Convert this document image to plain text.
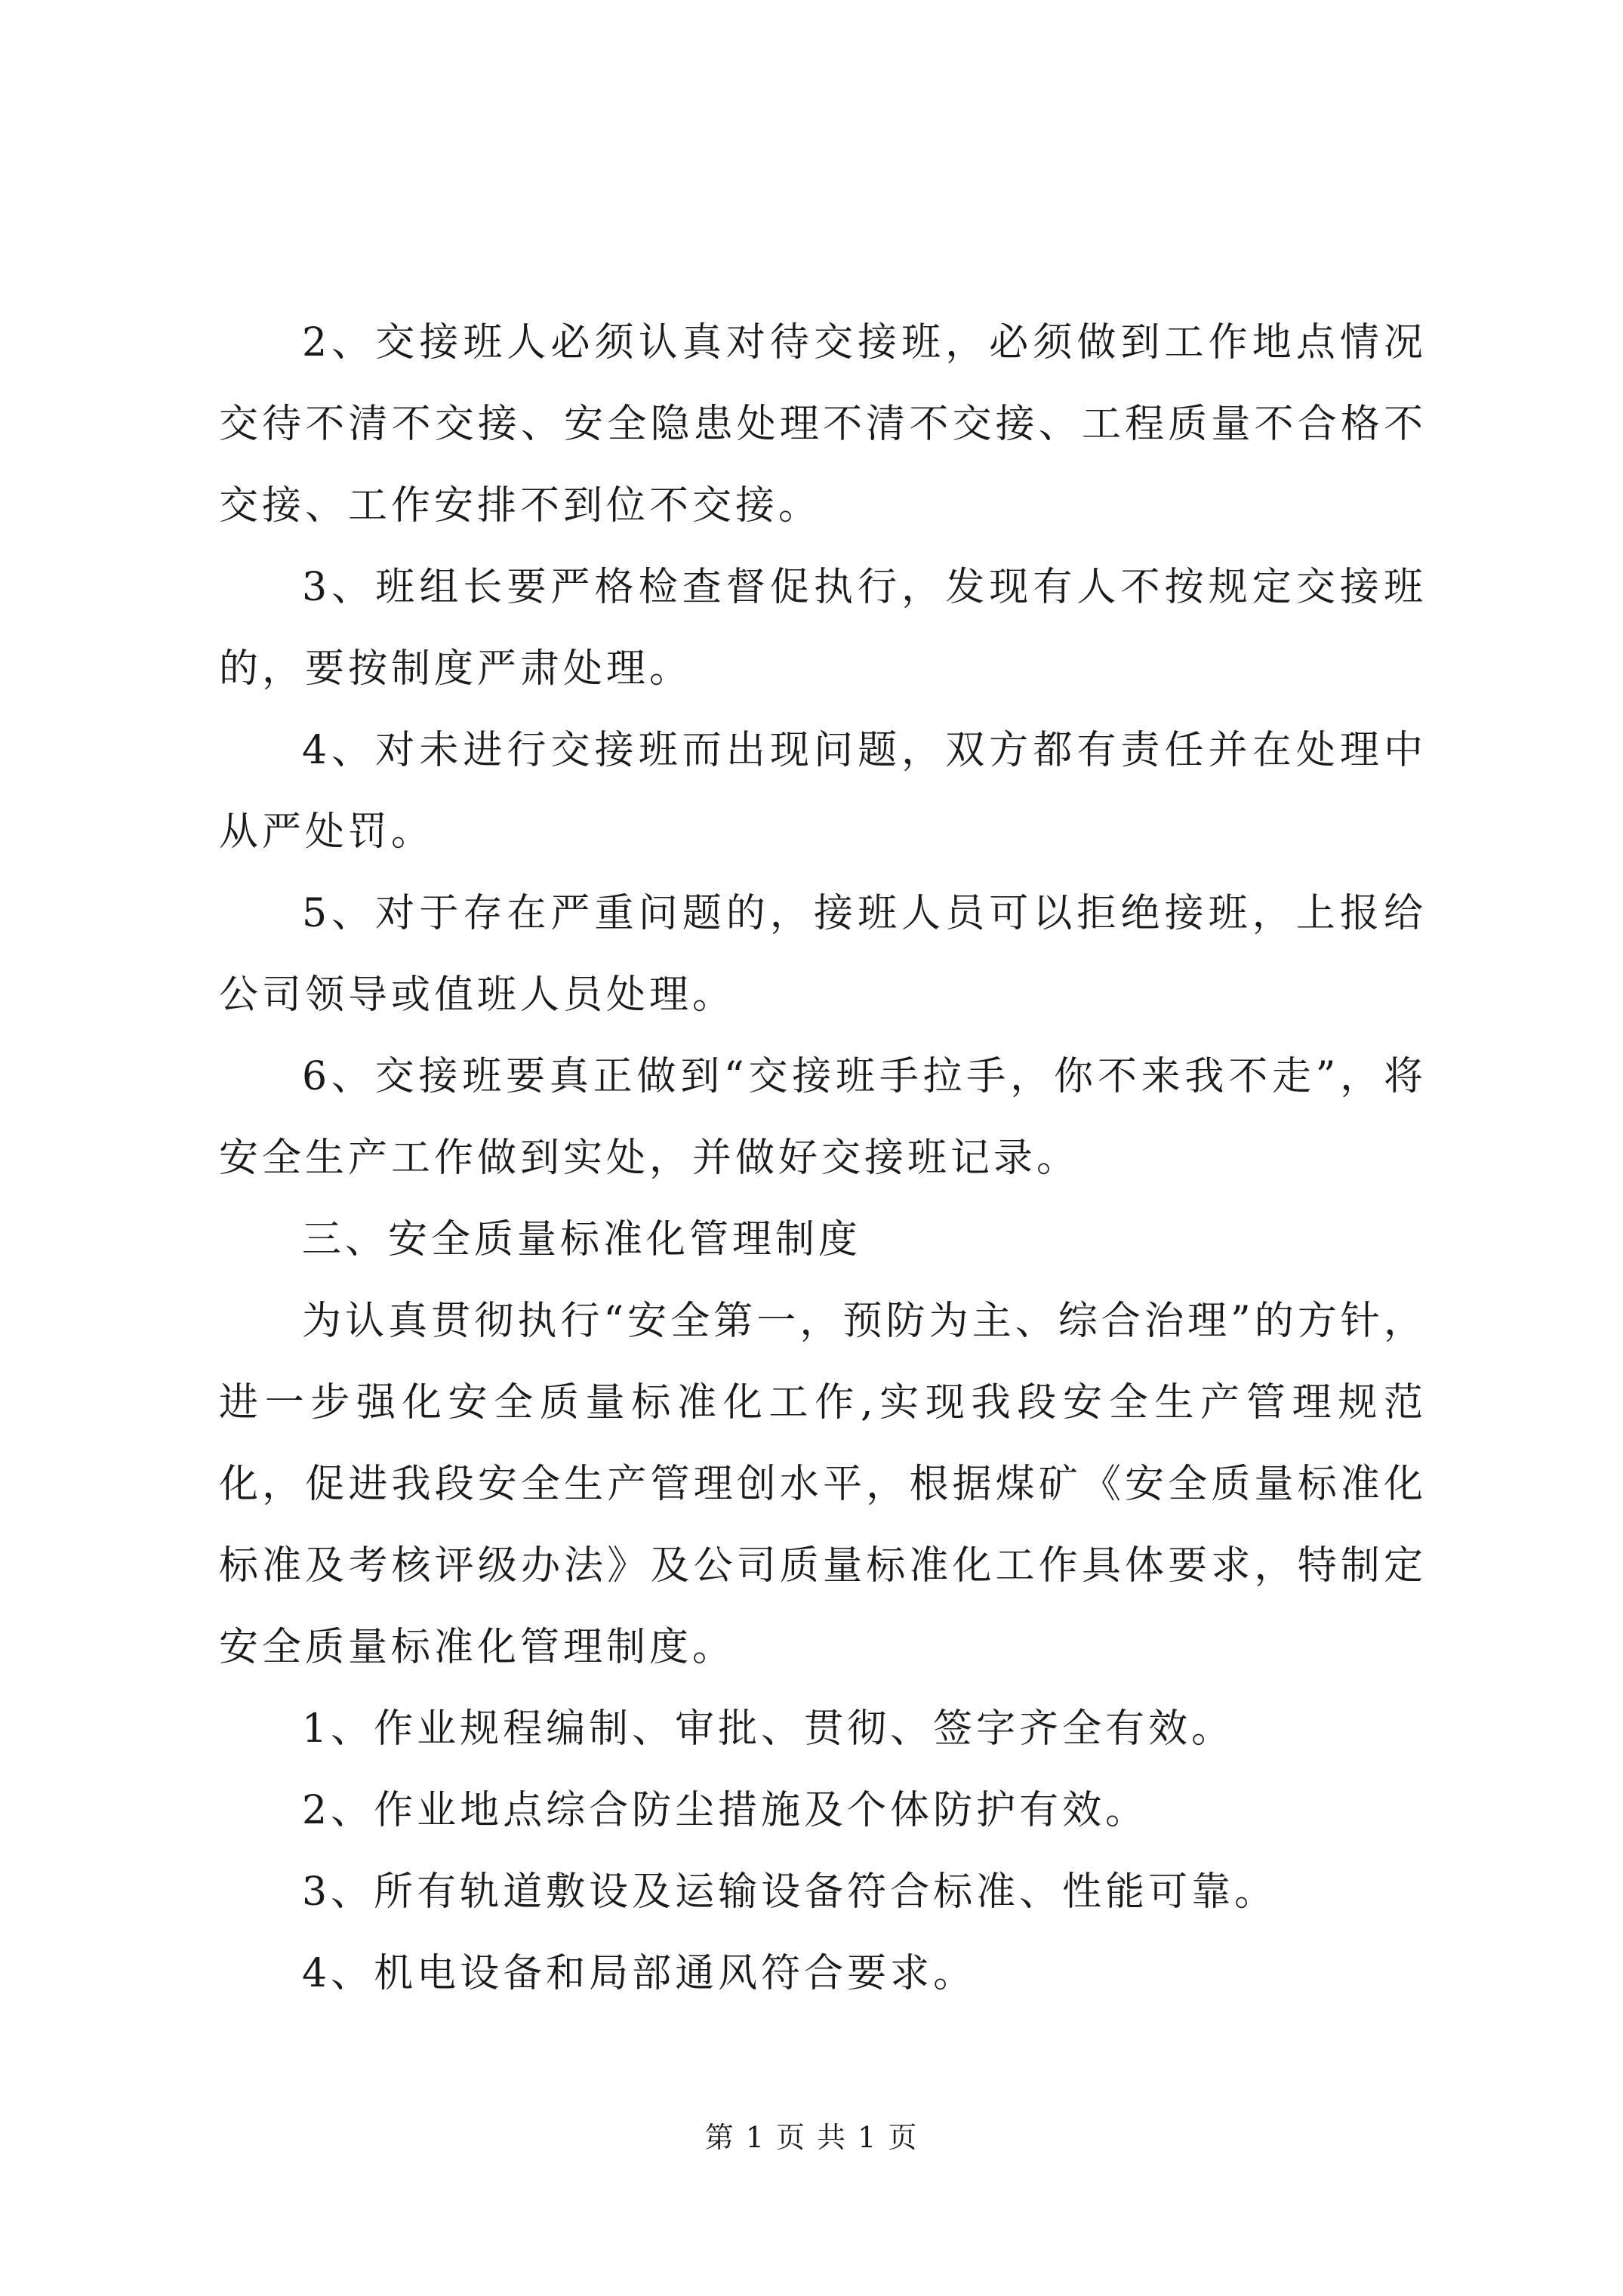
2、交接班人必须认真对待交接班，必须做到工作地点情况交待不清不交接、安全隐患处理不清不交接、工程质量不合格不交接、工作安排不到位不交接。

3、班组长要严格检查督促执行，发现有人不按规定交接班的，要按制度严肃处理。

4、对未进行交接班而出现问题，双方都有责任并在处理中从严处罚。

5、对于存在严重问题的，接班人员可以拒绝接班，上报给公司领导或值班人员处理。

6、交接班要真正做到“交接班手拉手，你不来我不走”，将安全生产工作做到实处，并做好交接班记录。

三、安全质量标准化管理制度

为认真贯彻执行“安全第一，预防为主、综合治理”的方针，进一步强化安全质量标准化工作,实现我段安全生产管理规范化，促进我段安全生产管理创水平，根据煤矿《安全质量标准化标准及考核评级办法》及公司质量标准化工作具体要求，特制定安全质量标准化管理制度。

1、作业规程编制、审批、贯彻、签字齐全有效。

2、作业地点综合防尘措施及个体防护有效。

3、所有轨道敷设及运输设备符合标准、性能可靠。

4、机电设备和局部通风符合要求。

第 1 页 共 1 页
